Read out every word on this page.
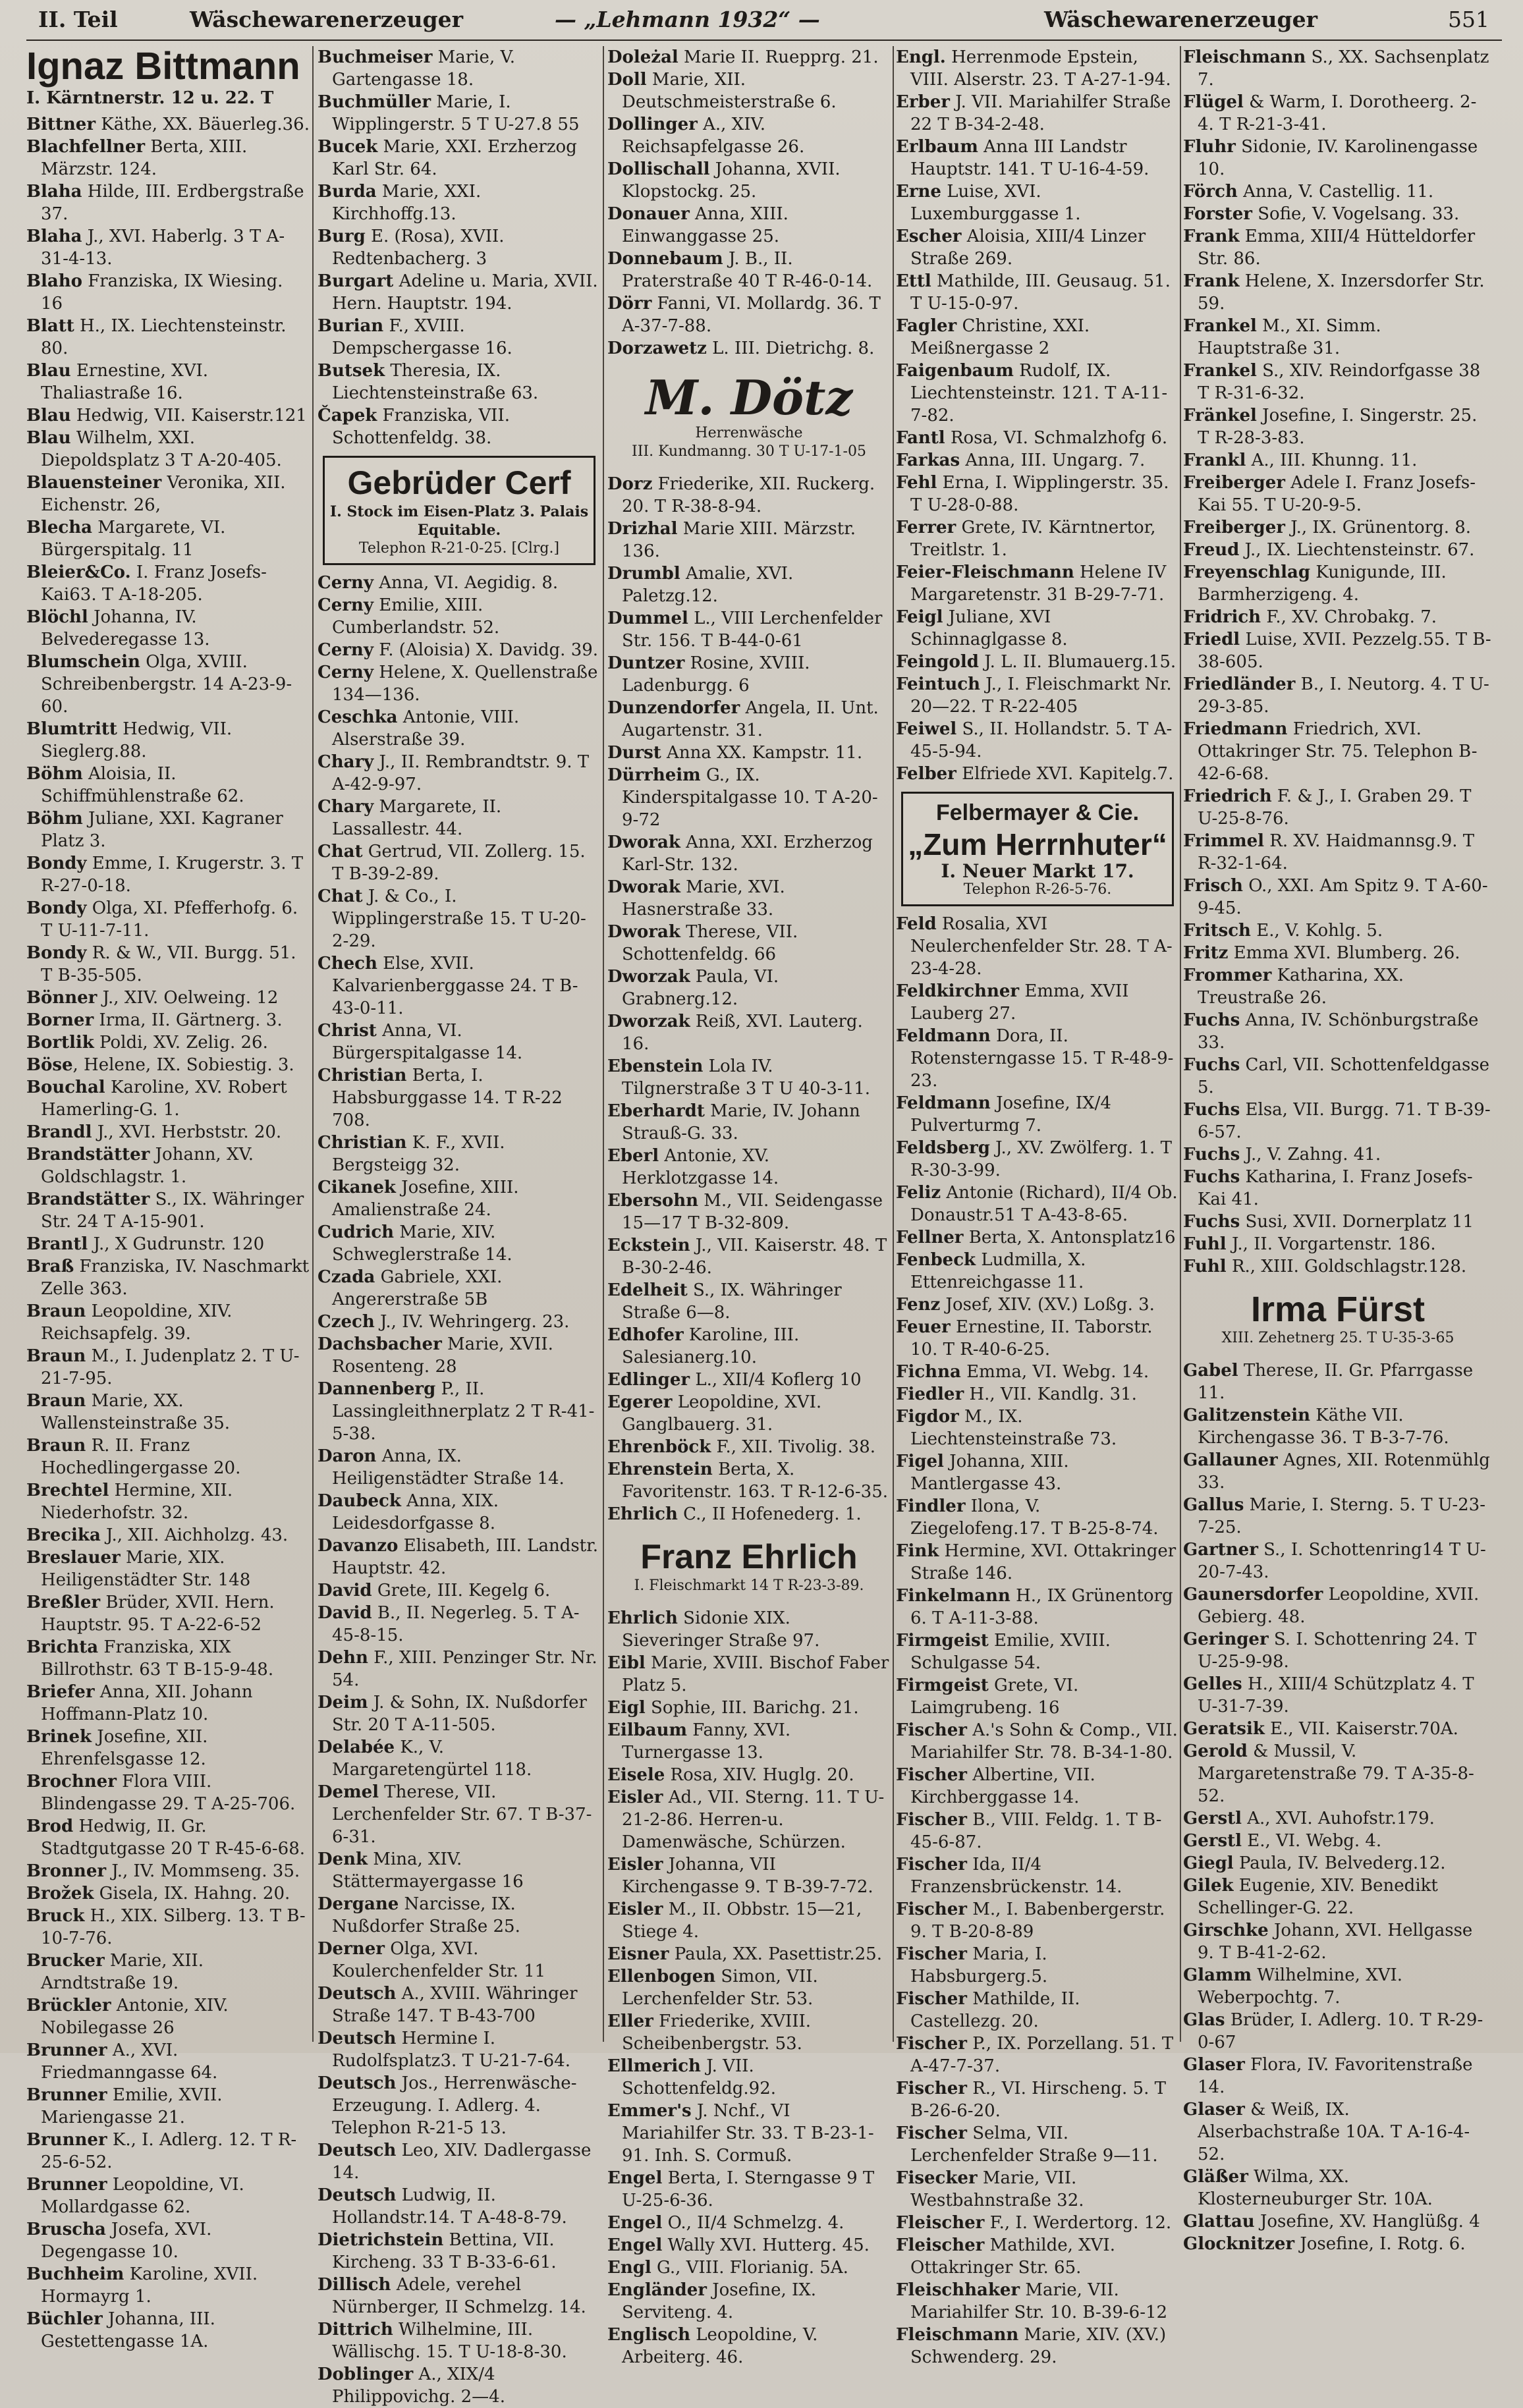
II. Teil	Wäschewarenerzeuger	— „Lehmann 1932“ —	Wäschewarenerzeuger	551
Ignaz Bittmann
I. Kärntnerstr. 12 u. 22. T

Bittner Käthe, XX. Bäuerleg.36.

Blachfellner Berta, XIII. Märzstr. 124.

Blaha Hilde, III. Erdbergstraße 37.

Blaha J., XVI. Haberlg. 3 T A-31-4-13.

Blaho Franziska, IX Wiesing. 16

Blatt H., IX. Liechtensteinstr. 80.

Blau Ernestine, XVI. Thaliastraße 16.

Blau Hedwig, VII. Kaiserstr.121

Blau Wilhelm, XXI. Diepoldsplatz 3 T A-20-405.

Blauensteiner Veronika, XII. Eichenstr. 26,

Blecha Margarete, VI. Bürgerspitalg. 11

Bleier&Co. I. Franz Josefs-Kai63. T A-18-205.

Blöchl Johanna, IV. Belvederegasse 13.

Blumschein Olga, XVIII. Schreibenbergstr. 14 A-23-9-60.

Blumtritt Hedwig, VII. Sieglerg.88.

Böhm Aloisia, II. Schiffmühlenstraße 62.

Böhm Juliane, XXI. Kagraner Platz 3.

Bondy Emme, I. Krugerstr. 3. T R-27-0-18.

Bondy Olga, XI. Pfefferhofg. 6. T U-11-7-11.

Bondy R. & W., VII. Burgg. 51. T B-35-505.

Bönner J., XIV. Oelweing. 12

Borner Irma, II. Gärtnerg. 3.

Bortlik Poldi, XV. Zelig. 26.

Böse, Helene, IX. Sobiestig. 3.

Bouchal Karoline, XV. Robert Hamerling-G. 1.

Brandl J., XVI. Herbststr. 20.

Brandstätter Johann, XV. Goldschlagstr. 1.

Brandstätter S., IX. Währinger Str. 24 T A-15-901.

Brantl J., X Gudrunstr. 120

Braß Franziska, IV. Naschmarkt Zelle 363.

Braun Leopoldine, XIV. Reichsapfelg. 39.

Braun M., I. Judenplatz 2. T U-21-7-95.

Braun Marie, XX. Wallensteinstraße 35.

Braun R. II. Franz Hochedlingergasse 20.

Brechtel Hermine, XII. Niederhofstr. 32.

Brecika J., XII. Aichholzg. 43.

Breslauer Marie, XIX. Heiligenstädter Str. 148

Breßler Brüder, XVII. Hern. Hauptstr. 95. T A-22-6-52

Brichta Franziska, XIX Billrothstr. 63 T B-15-9-48.

Briefer Anna, XII. Johann Hoffmann-Platz 10.

Brinek Josefine, XII. Ehrenfelsgasse 12.

Brochner Flora VIII. Blindengasse 29. T A-25-706.

Brod Hedwig, II. Gr. Stadtgutgasse 20 T R-45-6-68.

Bronner J., IV. Mommseng. 35.

Brožek Gisela, IX. Hahng. 20.

Bruck H., XIX. Silberg. 13. T B-10-7-76.

Brucker Marie, XII. Arndtstraße 19.

Brückler Antonie, XIV. Nobilegasse 26

Brunner A., XVI. Friedmanngasse 64.

Brunner Emilie, XVII. Mariengasse 21.

Brunner K., I. Adlerg. 12. T R-25-6-52.

Brunner Leopoldine, VI. Mollardgasse 62.

Bruscha Josefa, XVI. Degengasse 10.

Buchheim Karoline, XVII. Hormayrg 1.

Büchler Johanna, III. Gestettengasse 1A.

Buchmeiser Marie, V. Gartengasse 18.

Buchmüller Marie, I. Wipplingerstr. 5 T U-27.8 55

Bucek Marie, XXI. Erzherzog Karl Str. 64.

Burda Marie, XXI. Kirchhoffg.13.

Burg E. (Rosa), XVII. Redtenbacherg. 3

Burgart Adeline u. Maria, XVII. Hern. Hauptstr. 194.

Burian F., XVIII. Dempschergasse 16.

Butsek Theresia, IX. Liechtensteinstraße 63.

Čapek Franziska, VII. Schottenfeldg. 38.

Gebrüder Cerf
I. Stock im Eisen-Platz 3. Palais Equitable.
Telephon R-21-0-25. [Clrg.]

Cerny Anna, VI. Aegidig. 8.

Cerny Emilie, XIII. Cumberlandstr. 52.

Cerny F. (Aloisia) X. Davidg. 39.

Cerny Helene, X. Quellenstraße 134—136.

Ceschka Antonie, VIII. Alserstraße 39.

Chary J., II. Rembrandtstr. 9. T A-42-9-97.

Chary Margarete, II. Lassallestr. 44.

Chat Gertrud, VII. Zollerg. 15. T B-39-2-89.

Chat J. & Co., I. Wipplingerstraße 15. T U-20-2-29.

Chech Else, XVII. Kalvarienberggasse 24. T B-43-0-11.

Christ Anna, VI. Bürgerspitalgasse 14.

Christian Berta, I. Habsburggasse 14. T R-22 708.

Christian K. F., XVII. Bergsteigg 32.

Cikanek Josefine, XIII. Amalienstraße 24.

Cudrich Marie, XIV. Schweglerstraße 14.

Czada Gabriele, XXI. Angererstraße 5B

Czech J., IV. Wehringerg. 23.

Dachsbacher Marie, XVII. Rosenteng. 28

Dannenberg P., II. Lassingleithnerplatz 2 T R-41-5-38.

Daron Anna, IX. Heiligenstädter Straße 14.

Daubeck Anna, XIX. Leidesdorfgasse 8.

Davanzo Elisabeth, III. Landstr. Hauptstr. 42.

David Grete, III. Kegelg 6.

David B., II. Negerleg. 5. T A-45-8-15.

Dehn F., XIII. Penzinger Str. Nr. 54.

Deim J. & Sohn, IX. Nußdorfer Str. 20 T A-11-505.

Delabée K., V. Margaretengürtel 118.

Demel Therese, VII. Lerchenfelder Str. 67. T B-37-6-31.

Denk Mina, XIV. Stättermayergasse 16

Dergane Narcisse, IX. Nußdorfer Straße 25.

Derner Olga, XVI. Koulerchenfelder Str. 11

Deutsch A., XVIII. Währinger Straße 147. T B-43-700

Deutsch Hermine I. Rudolfsplatz3. T U-21-7-64.

Deutsch Jos., Herrenwäsche-Erzeugung. I. Adlerg. 4. Telephon R-21-5 13.

Deutsch Leo, XIV. Dadlergasse 14.

Deutsch Ludwig, II. Hollandstr.14. T A-48-8-79.

Dietrichstein Bettina, VII. Kircheng. 33 T B-33-6-61.

Dillisch Adele, verehel Nürnberger, II Schmelzg. 14.

Dittrich Wilhelmine, III. Wällischg. 15. T U-18-8-30.

Doblinger A., XIX/4 Philippovichg. 2—4.

Doleżal Marie II. Ruepprg. 21.

Doll Marie, XII. Deutschmeisterstraße 6.

Dollinger A., XIV. Reichsapfelgasse 26.

Dollischall Johanna, XVII. Klopstockg. 25.

Donauer Anna, XIII. Einwanggasse 25.

Donnebaum J. B., II. Praterstraße 40 T R-46-0-14.

Dörr Fanni, VI. Mollardg. 36. T A-37-7-88.

Dorzawetz L. III. Dietrichg. 8.

M. Dötz
Herrenwäsche
III. Kundmanng. 30 T U-17-1-05

Dorz Friederike, XII. Ruckerg. 20. T R-38-8-94.

Drizhal Marie XIII. Märzstr. 136.

Drumbl Amalie, XVI. Paletzg.12.

Dummel L., VIII Lerchenfelder Str. 156. T B-44-0-61

Duntzer Rosine, XVIII. Ladenburgg. 6

Dunzendorfer Angela, II. Unt. Augartenstr. 31.

Durst Anna XX. Kampstr. 11.

Dürrheim G., IX. Kinderspitalgasse 10. T A-20-9-72

Dworak Anna, XXI. Erzherzog Karl-Str. 132.

Dworak Marie, XVI. Hasnerstraße 33.

Dworak Therese, VII. Schottenfeldg. 66

Dworzak Paula, VI. Grabnerg.12.

Dworzak Reiß, XVI. Lauterg. 16.

Ebenstein Lola IV. Tilgnerstraße 3 T U 40-3-11.

Eberhardt Marie, IV. Johann Strauß-G. 33.

Eberl Antonie, XV. Herklotzgasse 14.

Ebersohn M., VII. Seidengasse 15—17 T B-32-809.

Eckstein J., VII. Kaiserstr. 48. T B-30-2-46.

Edelheit S., IX. Währinger Straße 6—8.

Edhofer Karoline, III. Salesianerg.10.

Edlinger L., XII/4 Koflerg 10

Egerer Leopoldine, XVI. Ganglbauerg. 31.

Ehrenböck F., XII. Tivolig. 38.

Ehrenstein Berta, X. Favoritenstr. 163. T R-12-6-35.

Ehrlich C., II Hofenederg. 1.

Franz Ehrlich
I. Fleischmarkt 14 T R-23-3-89.

Ehrlich Sidonie XIX. Sieveringer Straße 97.

Eibl Marie, XVIII. Bischof Faber Platz 5.

Eigl Sophie, III. Barichg. 21.

Eilbaum Fanny, XVI. Turnergasse 13.

Eisele Rosa, XIV. Huglg. 20.

Eisler Ad., VII. Sterng. 11. T U-21-2-86. Herren-u. Damenwäsche, Schürzen.

Eisler Johanna, VII Kirchengasse 9. T B-39-7-72.

Eisler M., II. Obbstr. 15—21, Stiege 4.

Eisner Paula, XX. Pasettistr.25.

Ellenbogen Simon, VII. Lerchenfelder Str. 53.

Eller Friederike, XVIII. Scheibenbergstr. 53.

Ellmerich J. VII. Schottenfeldg.92.

Emmer's J. Nchf., VI Mariahilfer Str. 33. T B-23-1-91. Inh. S. Cormuß.

Engel Berta, I. Sterngasse 9 T U-25-6-36.

Engel O., II/4 Schmelzg. 4.

Engel Wally XVI. Hutterg. 45.

Engl G., VIII. Florianig. 5A.

Engländer Josefine, IX. Serviteng. 4.

Englisch Leopoldine, V. Arbeiterg. 46.

Engl. Herrenmode Epstein, VIII. Alserstr. 23. T A-27-1-94.

Erber J. VII. Mariahilfer Straße 22 T B-34-2-48.

Erlbaum Anna III Landstr Hauptstr. 141. T U-16-4-59.

Erne Luise, XVI. Luxemburggasse 1.

Escher Aloisia, XIII/4 Linzer Straße 269.

Ettl Mathilde, III. Geusaug. 51. T U-15-0-97.

Fagler Christine, XXI. Meißnergasse 2

Faigenbaum Rudolf, IX. Liechtensteinstr. 121. T A-11-7-82.

Fantl Rosa, VI. Schmalzhofg 6.

Farkas Anna, III. Ungarg. 7.

Fehl Erna, I. Wipplingerstr. 35. T U-28-0-88.

Ferrer Grete, IV. Kärntnertor, Treitlstr. 1.

Feier-Fleischmann Helene IV Margaretenstr. 31 B-29-7-71.

Feigl Juliane, XVI Schinnaglgasse 8.

Feingold J. L. II. Blumauerg.15.

Feintuch J., I. Fleischmarkt Nr. 20—22. T R-22-405

Feiwel S., II. Hollandstr. 5. T A-45-5-94.

Felber Elfriede XVI. Kapitelg.7.

Felbermayer & Cie.
„Zum Herrnhuter“
I. Neuer Markt 17.
Telephon R-26-5-76.

Feld Rosalia, XVI Neulerchenfelder Str. 28. T A-23-4-28.

Feldkirchner Emma, XVII Lauberg 27.

Feldmann Dora, II. Rotensterngasse 15. T R-48-9-23.

Feldmann Josefine, IX/4 Pulverturmg 7.

Feldsberg J., XV. Zwölferg. 1. T R-30-3-99.

Feliz Antonie (Richard), II/4 Ob. Donaustr.51 T A-43-8-65.

Fellner Berta, X. Antonsplatz16

Fenbeck Ludmilla, X. Ettenreichgasse 11.

Fenz Josef, XIV. (XV.) Loßg. 3.

Feuer Ernestine, II. Taborstr. 10. T R-40-6-25.

Fichna Emma, VI. Webg. 14.

Fiedler H., VII. Kandlg. 31.

Figdor M., IX. Liechtensteinstraße 73.

Figel Johanna, XIII. Mantlergasse 43.

Findler Ilona, V. Ziegelofeng.17. T B-25-8-74.

Fink Hermine, XVI. Ottakringer Straße 146.

Finkelmann H., IX Grünentorg 6. T A-11-3-88.

Firmgeist Emilie, XVIII. Schulgasse 54.

Firmgeist Grete, VI. Laimgrubeng. 16

Fischer A.'s Sohn & Comp., VII. Mariahilfer Str. 78. B-34-1-80.

Fischer Albertine, VII. Kirchberggasse 14.

Fischer B., VIII. Feldg. 1. T B-45-6-87.

Fischer Ida, II/4 Franzensbrückenstr. 14.

Fischer M., I. Babenbergerstr. 9. T B-20-8-89

Fischer Maria, I. Habsburgerg.5.

Fischer Mathilde, II. Castellezg. 20.

Fischer P., IX. Porzellang. 51. T A-47-7-37.

Fischer R., VI. Hirscheng. 5. T B-26-6-20.

Fischer Selma, VII. Lerchenfelder Straße 9—11.

Fisecker Marie, VII. Westbahnstraße 32.

Fleischer F., I. Werdertorg. 12.

Fleischer Mathilde, XVI. Ottakringer Str. 65.

Fleischhaker Marie, VII. Mariahilfer Str. 10. B-39-6-12

Fleischmann Marie, XIV. (XV.) Schwenderg. 29.

Fleischmann S., XX. Sachsenplatz 7.

Flügel & Warm, I. Dorotheerg. 2-4. T R-21-3-41.

Fluhr Sidonie, IV. Karolinengasse 10.

Förch Anna, V. Castellig. 11.

Forster Sofie, V. Vogelsang. 33.

Frank Emma, XIII/4 Hütteldorfer Str. 86.

Frank Helene, X. Inzersdorfer Str. 59.

Frankel M., XI. Simm. Hauptstraße 31.

Frankel S., XIV. Reindorfgasse 38 T R-31-6-32.

Fränkel Josefine, I. Singerstr. 25. T R-28-3-83.

Frankl A., III. Khunng. 11.

Freiberger Adele I. Franz Josefs-Kai 55. T U-20-9-5.

Freiberger J., IX. Grünentorg. 8.

Freud J., IX. Liechtensteinstr. 67.

Freyenschlag Kunigunde, III. Barmherzigeng. 4.

Fridrich F., XV. Chrobakg. 7.

Friedl Luise, XVII. Pezzelg.55. T B-38-605.

Friedländer B., I. Neutorg. 4. T U-29-3-85.

Friedmann Friedrich, XVI. Ottakringer Str. 75. Telephon B-42-6-68.

Friedrich F. & J., I. Graben 29. T U-25-8-76.

Frimmel R. XV. Haidmannsg.9. T R-32-1-64.

Frisch O., XXI. Am Spitz 9. T A-60-9-45.

Fritsch E., V. Kohlg. 5.

Fritz Emma XVI. Blumberg. 26.

Frommer Katharina, XX. Treustraße 26.

Fuchs Anna, IV. Schönburgstraße 33.

Fuchs Carl, VII. Schottenfeldgasse 5.

Fuchs Elsa, VII. Burgg. 71. T B-39-6-57.

Fuchs J., V. Zahng. 41.

Fuchs Katharina, I. Franz Josefs-Kai 41.

Fuchs Susi, XVII. Dornerplatz 11

Fuhl J., II. Vorgartenstr. 186.

Fuhl R., XIII. Goldschlagstr.128.

Irma Fürst
XIII. Zehetnerg 25. T U-35-3-65

Gabel Therese, II. Gr. Pfarrgasse 11.

Galitzenstein Käthe VII. Kirchengasse 36. T B-3-7-76.

Gallauner Agnes, XII. Rotenmühlg 33.

Gallus Marie, I. Sterng. 5. T U-23-7-25.

Gartner S., I. Schottenring14 T U-20-7-43.

Gaunersdorfer Leopoldine, XVII. Gebierg. 48.

Geringer S. I. Schottenring 24. T U-25-9-98.

Gelles H., XIII/4 Schützplatz 4. T U-31-7-39.

Geratsik E., VII. Kaiserstr.70A.

Gerold & Mussil, V. Margaretenstraße 79. T A-35-8-52.

Gerstl A., XVI. Auhofstr.179.

Gerstl E., VI. Webg. 4.

Giegl Paula, IV. Belvederg.12.

Gilek Eugenie, XIV. Benedikt Schellinger-G. 22.

Girschke Johann, XVI. Hellgasse 9. T B-41-2-62.

Glamm Wilhelmine, XVI. Weberpochtg. 7.

Glas Brüder, I. Adlerg. 10. T R-29-0-67

Glaser Flora, IV. Favoritenstraße 14.

Glaser & Weiß, IX. Alserbachstraße 10A. T A-16-4-52.

Gläßer Wilma, XX. Klosterneuburger Str. 10A.

Glattau Josefine, XV. Hanglüßg. 4

Glocknitzer Josefine, I. Rotg. 6.
